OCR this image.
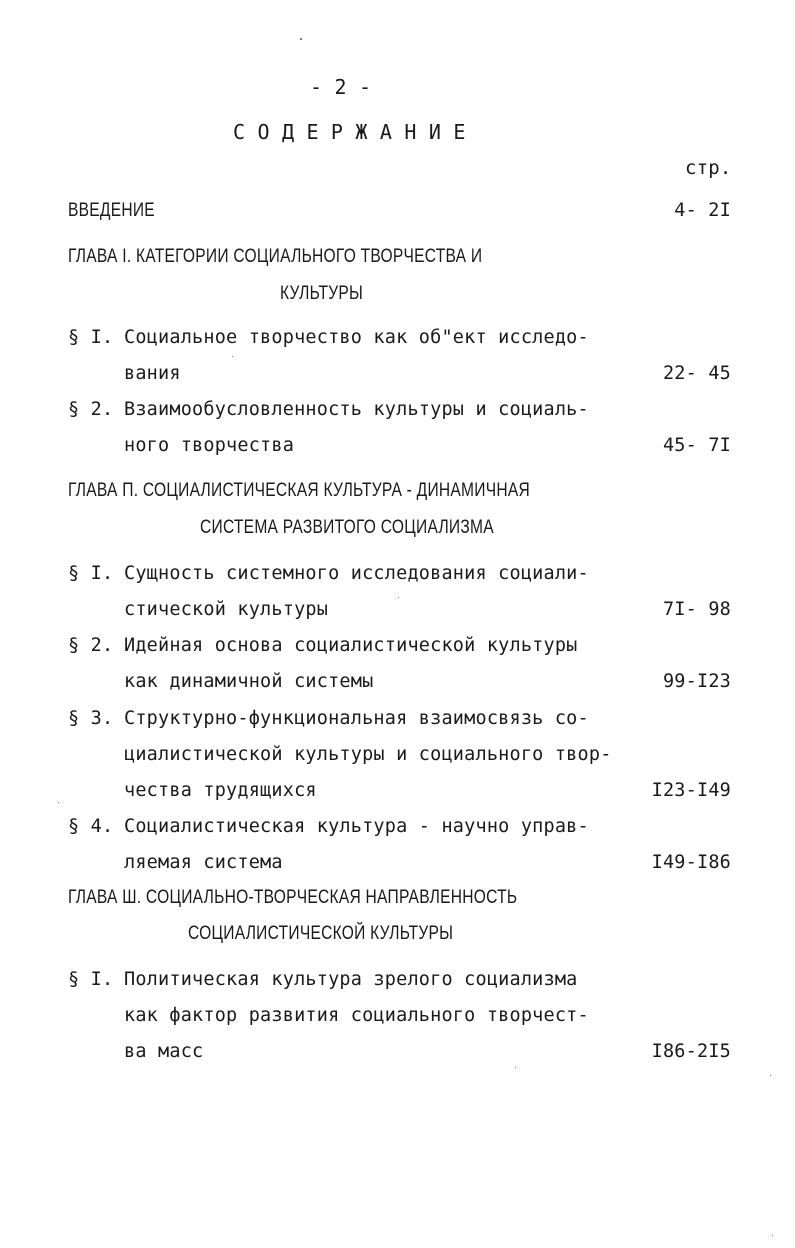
- 2 -
С О Д Е Р Ж А Н И Е
стр.
ВВЕДЕНИЕ	4- 2I
ГЛАВА I. КАТЕГОРИИ СОЦИАЛЬНОГО ТВОРЧЕСТВА И
КУЛЬТУРЫ
§ I. Социальное творчество как об"ект исследо-
вания	22- 45
§ 2. Взаимообусловленность культуры и социаль-
ного творчества	45- 7I
ГЛАВА П. СОЦИАЛИСТИЧЕСКАЯ КУЛЬТУРА - ДИНАМИЧНАЯ
СИСТЕМА РАЗВИТОГО СОЦИАЛИЗМА
§ I. Сущность системного исследования социали-
стической культуры	7I- 98
§ 2. Идейная основа социалистической культуры
как динамичной системы	99-I23
§ 3. Структурно-функциональная взаимосвязь со-
циалистической культуры и социального твор-
чества трудящихся	I23-I49
§ 4. Социалистическая культура - научно управ-
ляемая система	I49-I86
ГЛАВА Ш. СОЦИАЛЬНО-ТВОРЧЕСКАЯ НАПРАВЛЕННОСТЬ
СОЦИАЛИСТИЧЕСКОЙ КУЛЬТУРЫ
§ I. Политическая культура зрелого социализма
как фактор развития социального творчест-
ва масс	I86-2I5
